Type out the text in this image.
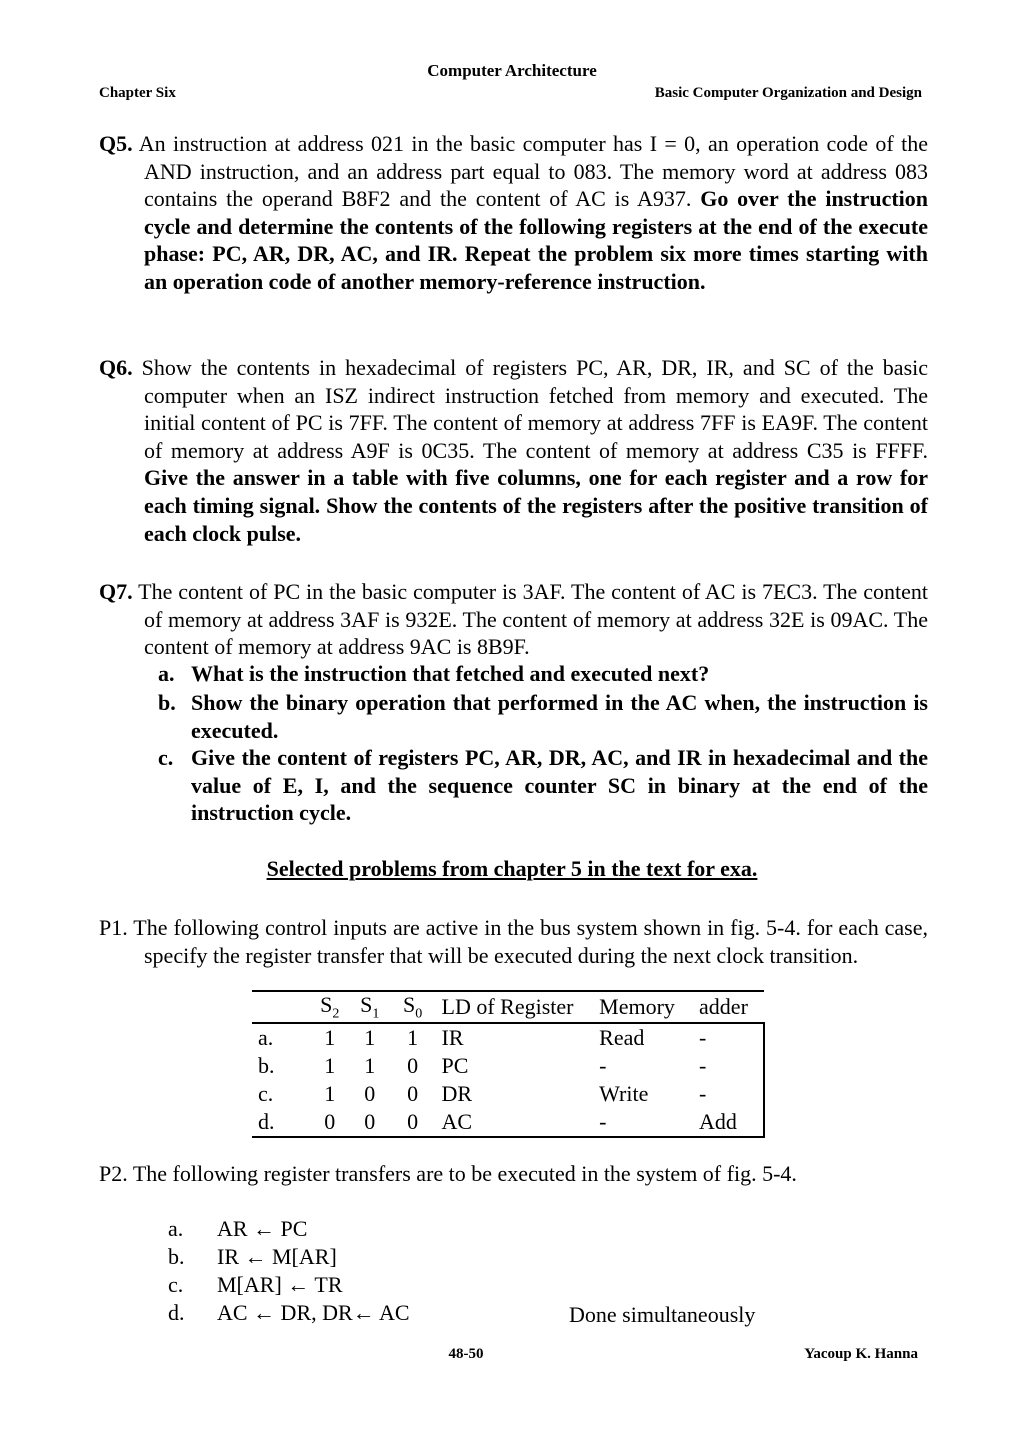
Computer Architecture
Chapter Six	Basic Computer Organization and Design
Q5. An instruction at address 021 in the basic computer has I = 0, an operation code of the AND instruction, and an address part equal to 083. The memory word at address 083 contains the operand B8F2 and the content of AC is A937. Go over the instruction cycle and determine the contents of the following registers at the end of the execute phase: PC, AR, DR, AC, and IR. Repeat the problem six more times starting with an operation code of another memory-reference instruction.
Q6. Show the contents in hexadecimal of registers PC, AR, DR, IR, and SC of the basic computer when an ISZ indirect instruction fetched from memory and executed. The initial content of PC is 7FF. The content of memory at address 7FF is EA9F. The content of memory at address A9F is 0C35. The content of memory at address C35 is FFFF. Give the answer in a table with five columns, one for each register and a row for each timing signal. Show the contents of the registers after the positive transition of each clock pulse.
Q7. The content of PC in the basic computer is 3AF. The content of AC is 7EC3. The content of memory at address 3AF is 932E. The content of memory at address 32E is 09AC. The content of memory at address 9AC is 8B9F.
a. What is the instruction that fetched and executed next?
b. Show the binary operation that performed in the AC when, the instruction is executed.
c. Give the content of registers PC, AR, DR, AC, and IR in hexadecimal and the value of E, I, and the sequence counter SC in binary at the end of the instruction cycle.
Selected problems from chapter 5 in the text for exa.
P1. The following control inputs are active in the bus system shown in fig. 5-4. for each case, specify the register transfer that will be executed during the next clock transition.
	$S_2$	$S_1$	$S_0$	LD of Register	Memory	adder
a.	1	1	1	IR	Read	-
b.	1	1	0	PC	-	-
c.	1	0	0	DR	Write	-
d.	0	0	0	AC	-	Add
P2. The following register transfers are to be executed in the system of fig. 5-4.
a. AR ← PC
b. IR ← M[AR]
c. M[AR] ← TR
d. AC ← DR, DR← AC	Done simultaneously
48-50	Yacoup K. Hanna
